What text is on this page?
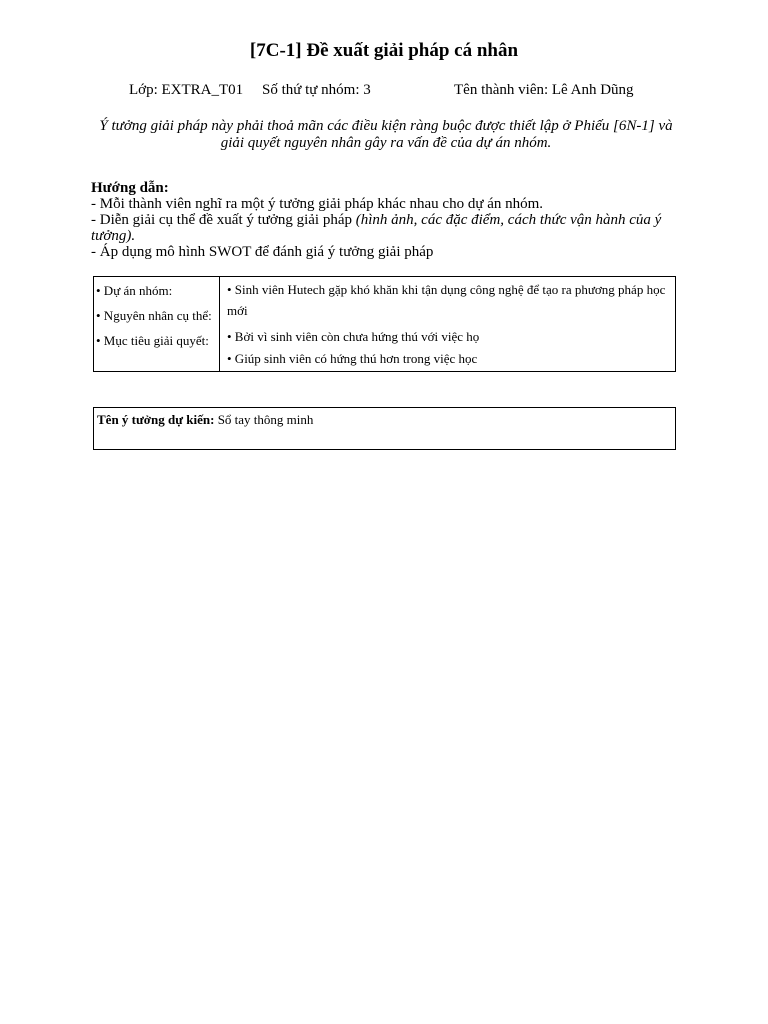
[7C-1] Đề xuất giải pháp cá nhân
Lớp: EXTRA_T01 Số thứ tự nhóm: 3	Tên thành viên: Lê Anh Dũng
Ý tưởng giải pháp này phải thoả mãn các điều kiện ràng buộc được thiết lập ở Phiếu [6N-1] và giải quyết nguyên nhân gây ra vấn đề của dự án nhóm.
Hướng dẫn:
- Mỗi thành viên nghĩ ra một ý tưởng giải pháp khác nhau cho dự án nhóm.
- Diễn giải cụ thể đề xuất ý tưởng giải pháp (hình ảnh, các đặc điểm, cách thức vận hành của ý tưởng).
- Áp dụng mô hình SWOT để đánh giá ý tưởng giải pháp
• Dự án nhóm:
• Nguyên nhân cụ thể:
• Mục tiêu giải quyết:
• Sinh viên Hutech gặp khó khăn khi tận dụng công nghệ để tạo ra phương pháp học mới
• Bởi vì sinh viên còn chưa hứng thú với việc họ
• Giúp sinh viên có hứng thú hơn trong việc học
Tên ý tưởng dự kiến: Sổ tay thông minh
